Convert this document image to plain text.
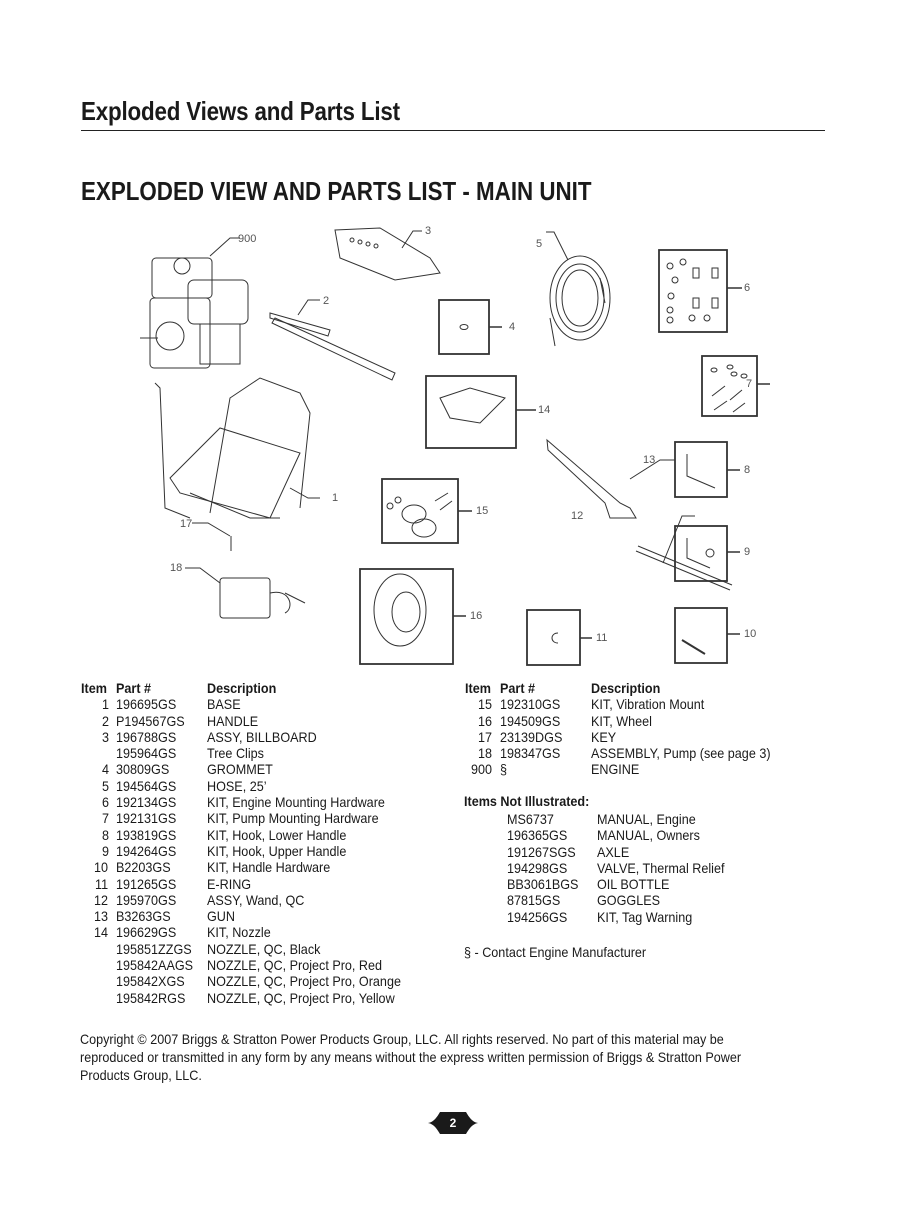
Exploded Views and Parts List
EXPLODED VIEW AND PARTS LIST - MAIN UNIT
900
3
2
5
4
6
14
7
1
13
8
15	12
17
9
18
16
11	10
Item Part #	Description
1 196695GS	BASE
2 P194567GS	HANDLE
3 196788GS	ASSY, BILLBOARD
195964GS	Tree Clips
4 30809GS	GROMMET
5 194564GS	HOSE, 25’
6 192134GS	KIT, Engine Mounting Hardware
7 192131GS	KIT, Pump Mounting Hardware
8 193819GS	KIT, Hook, Lower Handle
9 194264GS	KIT, Hook, Upper Handle
10 B2203GS	KIT, Handle Hardware
11 191265GS	E-RING
12 195970GS	ASSY, Wand, QC
13 B3263GS	GUN
14 196629GS	KIT, Nozzle
195851ZZGS	NOZZLE, QC, Black
195842AAGS NOZZLE, QC, Project Pro, Red
195842XGS	NOZZLE, QC, Project Pro, Orange
195842RGS	NOZZLE, QC, Project Pro, Yellow
Item Part #	Description
15 192310GS	KIT, Vibration Mount
16 194509GS	KIT, Wheel
17 23139DGS	KEY
18 198347GS	ASSEMBLY, Pump (see page 3)
900 §	ENGINE
Items Not Illustrated:
MS6737	MANUAL, Engine
196365GS	MANUAL, Owners
191267SGS	AXLE
194298GS	VALVE, Thermal Relief
BB3061BGS	OIL BOTTLE
87815GS	GOGGLES
194256GS	KIT, Tag Warning
§ - Contact Engine Manufacturer

Copyright © 2007 Briggs & Stratton Power Products Group, LLC. All rights reserved. No part of this material may be

reproduced or transmitted in any form by any means without the express written permission of Briggs & Stratton Power

Products Group, LLC.

2
